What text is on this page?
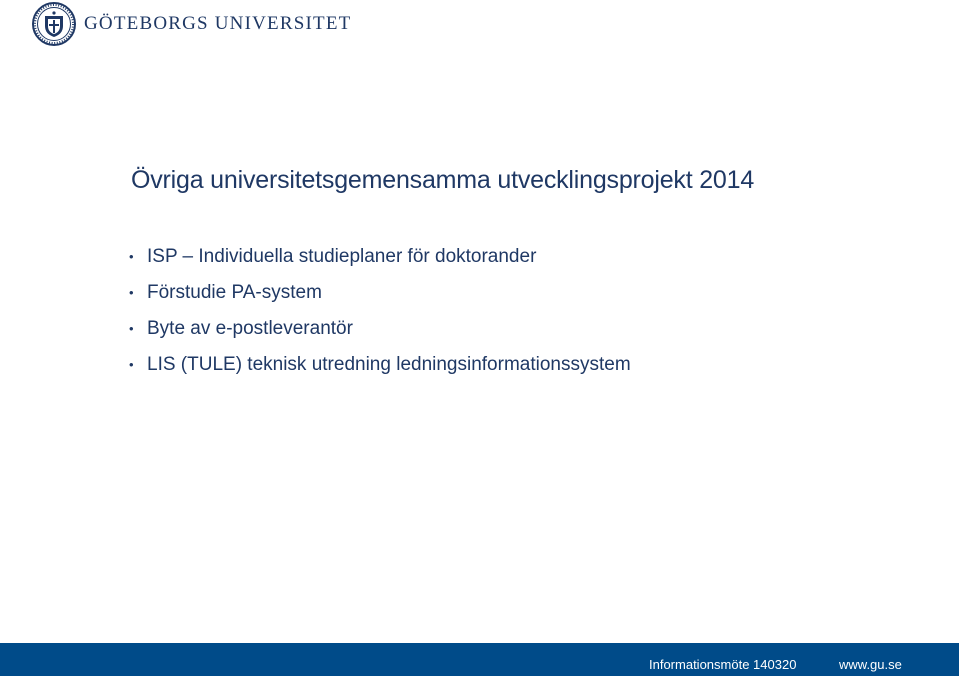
GÖTEBORGS UNIVERSITET
Övriga universitetsgemensamma utvecklingsprojekt 2014
• ISP – Individuella studieplaner för doktorander
• Förstudie PA-system
• Byte av e-postleverantör
• LIS (TULE) teknisk utredning ledningsinformationssystem
Informationsmöte 140320	www.gu.se
